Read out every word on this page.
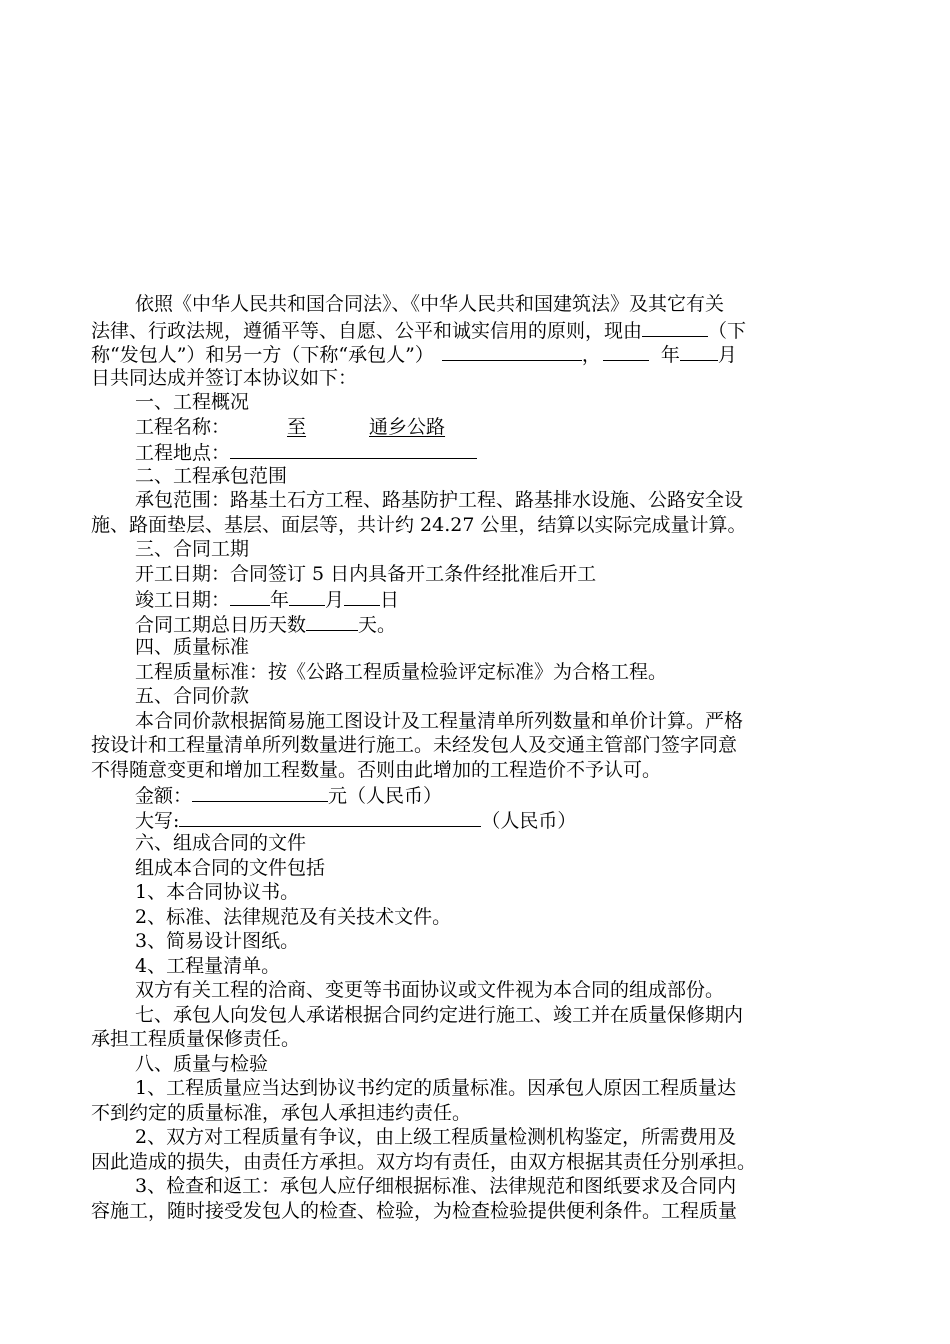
依照《中华人民共和国合同法》、《中华人民共和国建筑法》及其它有关
法律、行政法规，遵循平等、自愿、公平和诚实信用的原则，现由	（下
称“发包人”）和另一方（下称“承包人”）	，	年 月
日共同达成并签订本协议如下：
一、工程概况
工程名称：	至	通乡公路
工程地点：
二、工程承包范围
承包范围：路基土石方工程、路基防护工程、路基排水设施、公路安全设
施、路面垫层、基层、面层等，共计约 24.27 公里，结算以实际完成量计算。
三、合同工期
开工日期：合同签订 5 日内具备开工条件经批准后开工
竣工日期： 年 月 日
合同工期总日历天数	天。
四、质量标准
工程质量标准：按《公路工程质量检验评定标准》为合格工程。
五、合同价款
本合同价款根据简易施工图设计及工程量清单所列数量和单价计算。严格
按设计和工程量清单所列数量进行施工。未经发包人及交通主管部门签字同意
不得随意变更和增加工程数量。否则由此增加的工程造价不予认可。
金额：	元（人民币）
大写:	（人民币）
六、组成合同的文件
组成本合同的文件包括
1、本合同协议书。
2、标准、法律规范及有关技术文件。
3、简易设计图纸。
4、工程量清单。
双方有关工程的洽商、变更等书面协议或文件视为本合同的组成部份。
七、承包人向发包人承诺根据合同约定进行施工、竣工并在质量保修期内
承担工程质量保修责任。
八、质量与检验
1、工程质量应当达到协议书约定的质量标准。因承包人原因工程质量达
不到约定的质量标准，承包人承担违约责任。
2、双方对工程质量有争议，由上级工程质量检测机构鉴定，所需费用及
因此造成的损失，由责任方承担。双方均有责任，由双方根据其责任分别承担。
3、检查和返工：承包人应仔细根据标准、法律规范和图纸要求及合同内
容施工，随时接受发包人的检查、检验，为检查检验提供便利条件。工程质量
